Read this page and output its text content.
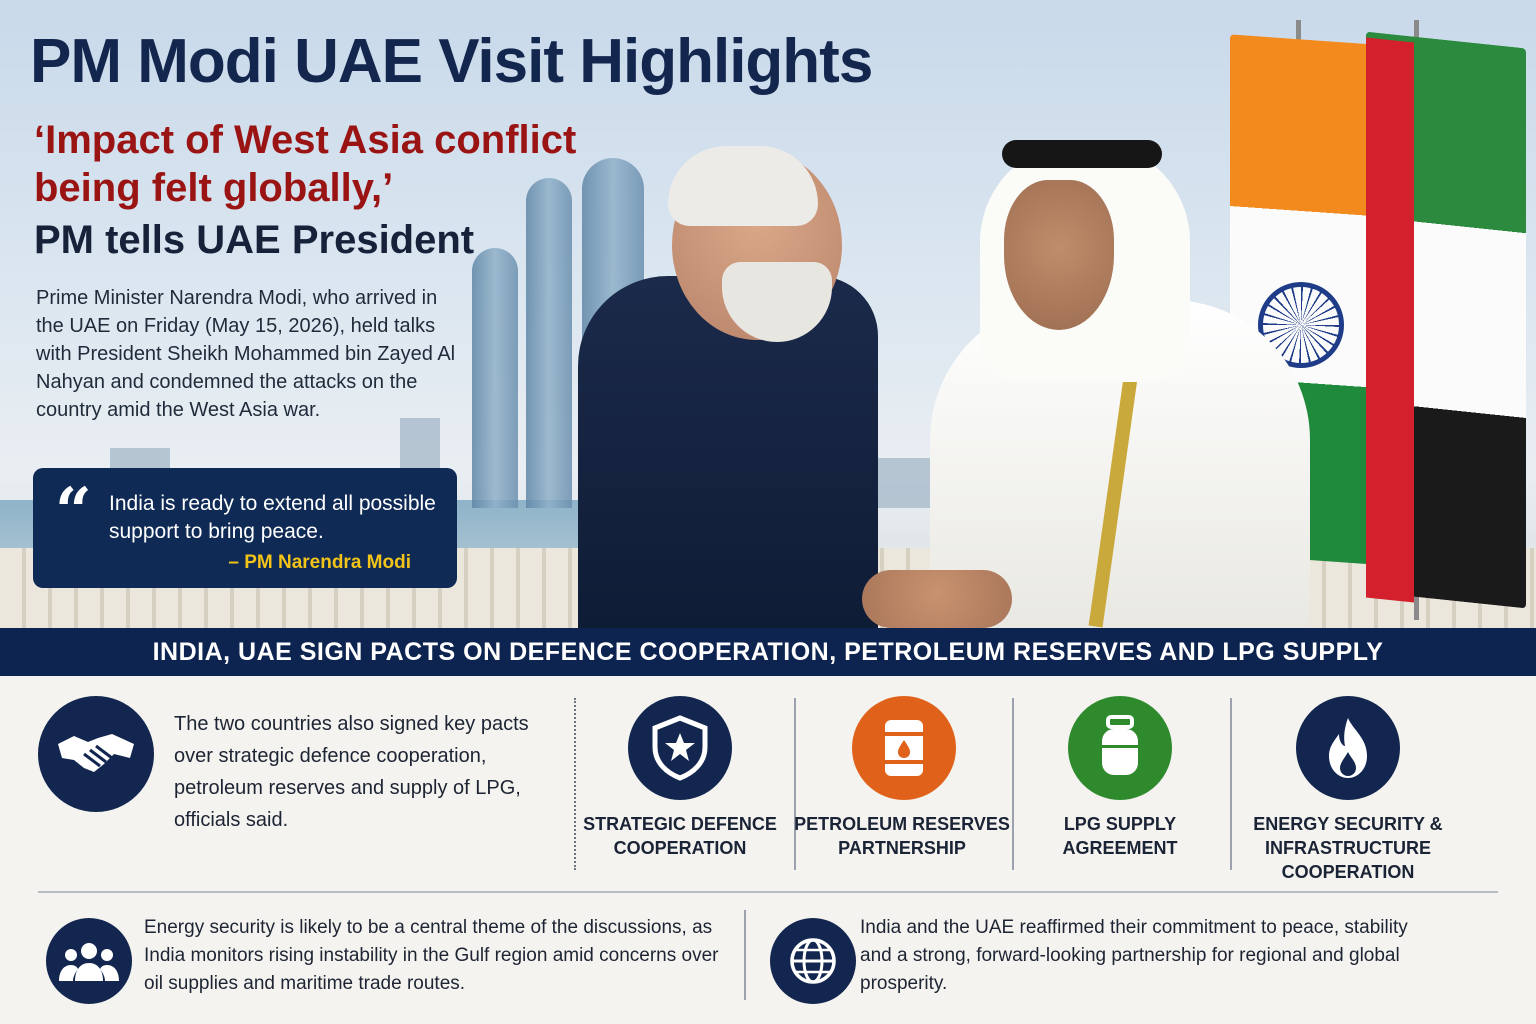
PM Modi UAE Visit Highlights
‘Impact of West Asia conflict being felt globally,’
PM tells UAE President

Prime Minister Narendra Modi, who arrived in the UAE on Friday (May 15, 2026), held talks with President Sheikh Mohammed bin Zayed Al Nahyan and condemned the attacks on the country amid the West Asia war.

“ India is ready to extend all possible support to bring peace.
– PM Narendra Modi
INDIA, UAE SIGN PACTS ON DEFENCE COOPERATION, PETROLEUM RESERVES AND LPG SUPPLY

The two countries also signed key pacts over strategic defence cooperation, petroleum reserves and supply of LPG, officials said.	STRATEGIC DEFENCE COOPERATION
PETROLEUM RESERVES PARTNERSHIP
LPG SUPPLY AGREEMENT
ENERGY SECURITY & INFRASTRUCTURE COOPERATION

Energy security is likely to be a central theme of the discussions, as India monitors rising instability in the Gulf region amid concerns over oil supplies and maritime trade routes.

India and the UAE reaffirmed their commitment to peace, stability and a strong, forward-looking partnership for regional and global prosperity.
